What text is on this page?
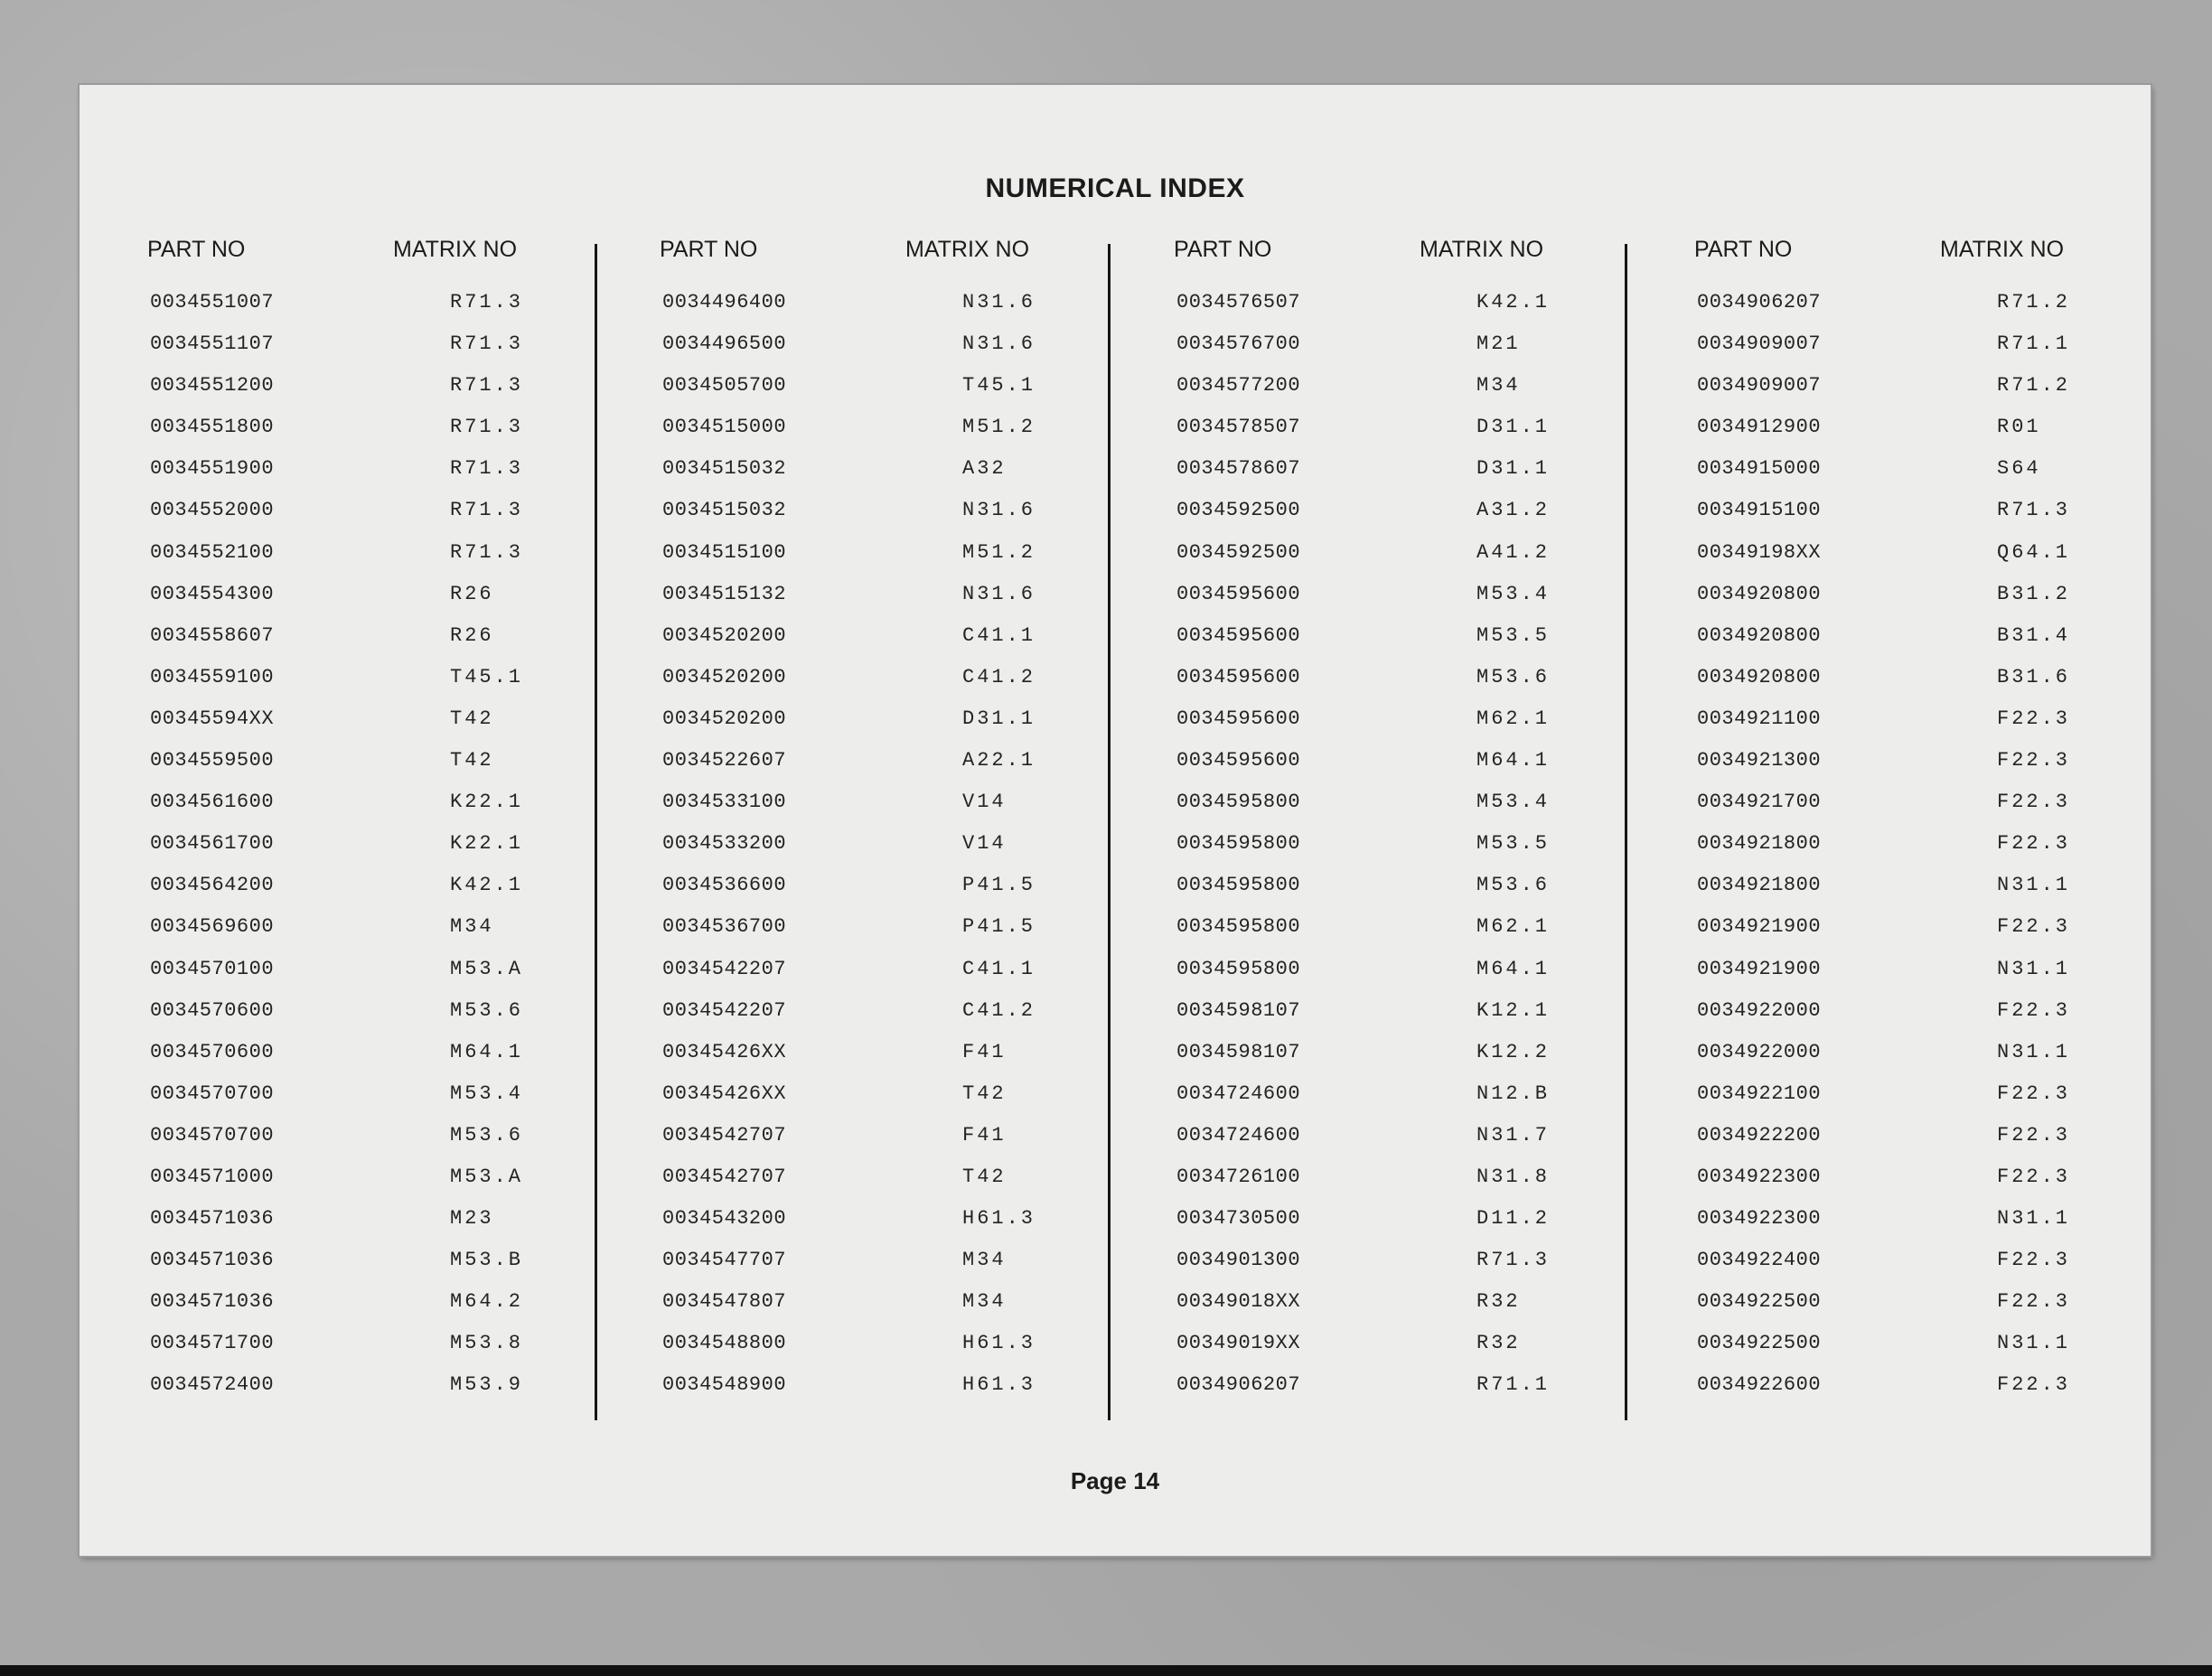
NUMERICAL INDEX
PART NO	MATRIX NO
0034551007	R71.3
0034551107	R71.3
0034551200	R71.3
0034551800	R71.3
0034551900	R71.3
0034552000	R71.3
0034552100	R71.3
0034554300	R26
0034558607	R26
0034559100	T45.1
00345594XX	T42
0034559500	T42
0034561600	K22.1
0034561700	K22.1
0034564200	K42.1
0034569600	M34
0034570100	M53.A
0034570600	M53.6
0034570600	M64.1
0034570700	M53.4
0034570700	M53.6
0034571000	M53.A
0034571036	M23
0034571036	M53.B
0034571036	M64.2
0034571700	M53.8
0034572400	M53.9
PART NO	MATRIX NO
0034496400	N31.6
0034496500	N31.6
0034505700	T45.1
0034515000	M51.2
0034515032	A32
0034515032	N31.6
0034515100	M51.2
0034515132	N31.6
0034520200	C41.1
0034520200	C41.2
0034520200	D31.1
0034522607	A22.1
0034533100	V14
0034533200	V14
0034536600	P41.5
0034536700	P41.5
0034542207	C41.1
0034542207	C41.2
00345426XX	F41
00345426XX	T42
0034542707	F41
0034542707	T42
0034543200	H61.3
0034547707	M34
0034547807	M34
0034548800	H61.3
0034548900	H61.3
PART NO	MATRIX NO
0034576507	K42.1
0034576700	M21
0034577200	M34
0034578507	D31.1
0034578607	D31.1
0034592500	A31.2
0034592500	A41.2
0034595600	M53.4
0034595600	M53.5
0034595600	M53.6
0034595600	M62.1
0034595600	M64.1
0034595800	M53.4
0034595800	M53.5
0034595800	M53.6
0034595800	M62.1
0034595800	M64.1
0034598107	K12.1
0034598107	K12.2
0034724600	N12.B
0034724600	N31.7
0034726100	N31.8
0034730500	D11.2
0034901300	R71.3
00349018XX	R32
00349019XX	R32
0034906207	R71.1
PART NO	MATRIX NO
0034906207	R71.2
0034909007	R71.1
0034909007	R71.2
0034912900	R01
0034915000	S64
0034915100	R71.3
00349198XX	Q64.1
0034920800	B31.2
0034920800	B31.4
0034920800	B31.6
0034921100	F22.3
0034921300	F22.3
0034921700	F22.3
0034921800	F22.3
0034921800	N31.1
0034921900	F22.3
0034921900	N31.1
0034922000	F22.3
0034922000	N31.1
0034922100	F22.3
0034922200	F22.3
0034922300	F22.3
0034922300	N31.1
0034922400	F22.3
0034922500	F22.3
0034922500	N31.1
0034922600	F22.3
Page 14
